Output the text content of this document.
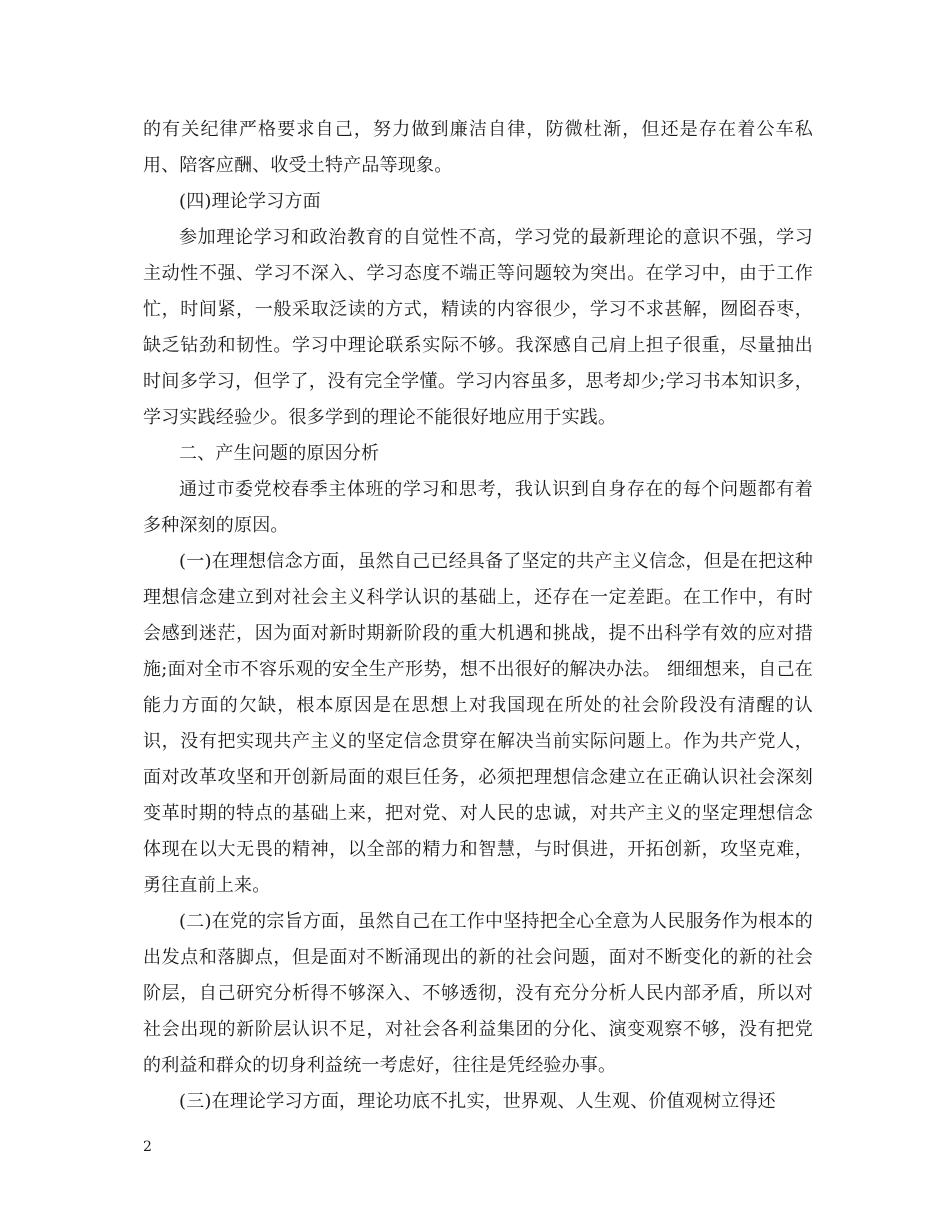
的有关纪律严格要求自己，努力做到廉洁自律，防微杜渐，但还是存在着公车私用、陪客应酬、收受土特产品等现象。

(四)理论学习方面

参加理论学习和政治教育的自觉性不高，学习党的最新理论的意识不强，学习主动性不强、学习不深入、学习态度不端正等问题较为突出。在学习中，由于工作忙，时间紧，一般采取泛读的方式，精读的内容很少，学习不求甚解，囫囵吞枣，缺乏钻劲和韧性。学习中理论联系实际不够。我深感自己肩上担子很重，尽量抽出时间多学习，但学了，没有完全学懂。学习内容虽多，思考却少;学习书本知识多，学习实践经验少。很多学到的理论不能很好地应用于实践。

二、产生问题的原因分析

通过市委党校春季主体班的学习和思考，我认识到自身存在的每个问题都有着多种深刻的原因。

(一)在理想信念方面，虽然自己已经具备了坚定的共产主义信念，但是在把这种理想信念建立到对社会主义科学认识的基础上，还存在一定差距。在工作中，有时会感到迷茫，因为面对新时期新阶段的重大机遇和挑战，提不出科学有效的应对措施;面对全市不容乐观的安全生产形势，想不出很好的解决办法。 细细想来，自己在能力方面的欠缺，根本原因是在思想上对我国现在所处的社会阶段没有清醒的认识，没有把实现共产主义的坚定信念贯穿在解决当前实际问题上。作为共产党人，面对改革攻坚和开创新局面的艰巨任务，必须把理想信念建立在正确认识社会深刻变革时期的特点的基础上来，把对党、对人民的忠诚，对共产主义的坚定理想信念体现在以大无畏的精神，以全部的精力和智慧，与时俱进，开拓创新，攻坚克难，勇往直前上来。

(二)在党的宗旨方面，虽然自己在工作中坚持把全心全意为人民服务作为根本的出发点和落脚点，但是面对不断涌现出的新的社会问题，面对不断变化的新的社会阶层，自己研究分析得不够深入、不够透彻，没有充分分析人民内部矛盾，所以对社会出现的新阶层认识不足，对社会各利益集团的分化、演变观察不够，没有把党的利益和群众的切身利益统一考虑好，往往是凭经验办事。

(三)在理论学习方面，理论功底不扎实，世界观、人生观、价值观树立得还

2
